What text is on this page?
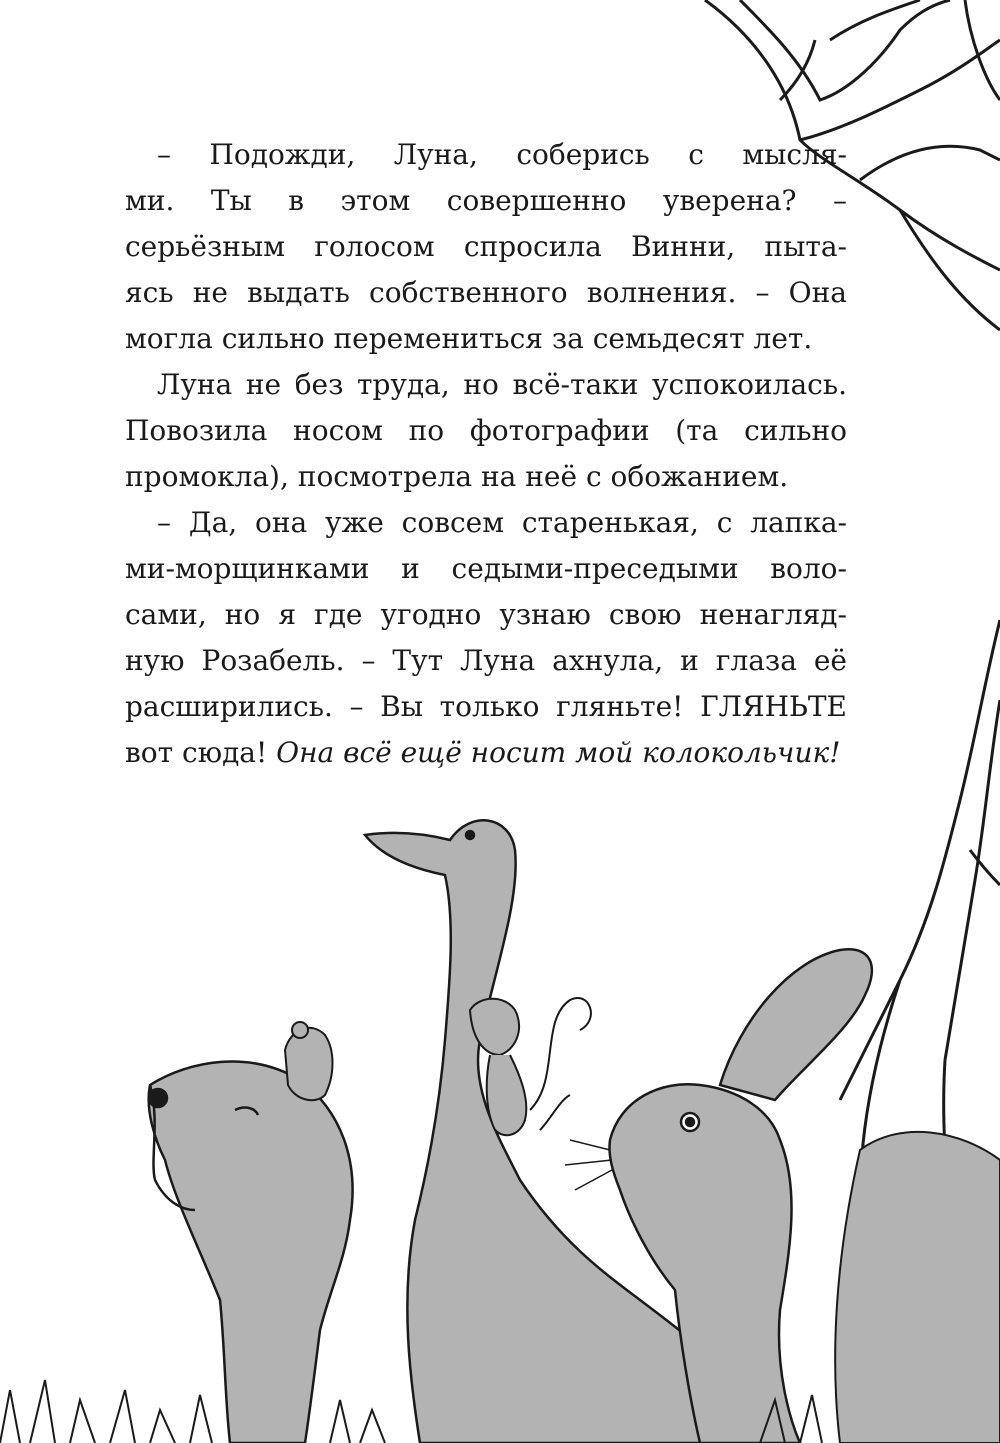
– Подожди, Луна, соберись с мысля-
ми. Ты в этом совершенно уверена? –
серьёзным голосом спросила Винни, пыта-
ясь не выдать собственного волнения. – Она
могла сильно перемениться за семьдесят лет.
Луна не без труда, но всё-таки успокоилась.
Повозила носом по фотографии (та сильно
промокла), посмотрела на неё с обожанием.
– Да, она уже совсем старенькая, с лапка-
ми-морщинками и седыми-преседыми воло-
сами, но я где угодно узнаю свою ненагляд-
ную Розабель. – Тут Луна ахнула, и глаза её
расширились. – Вы только гляньте! ГЛЯНЬТЕ
вот сюда! Она всё ещё носит мой колокольчик!
